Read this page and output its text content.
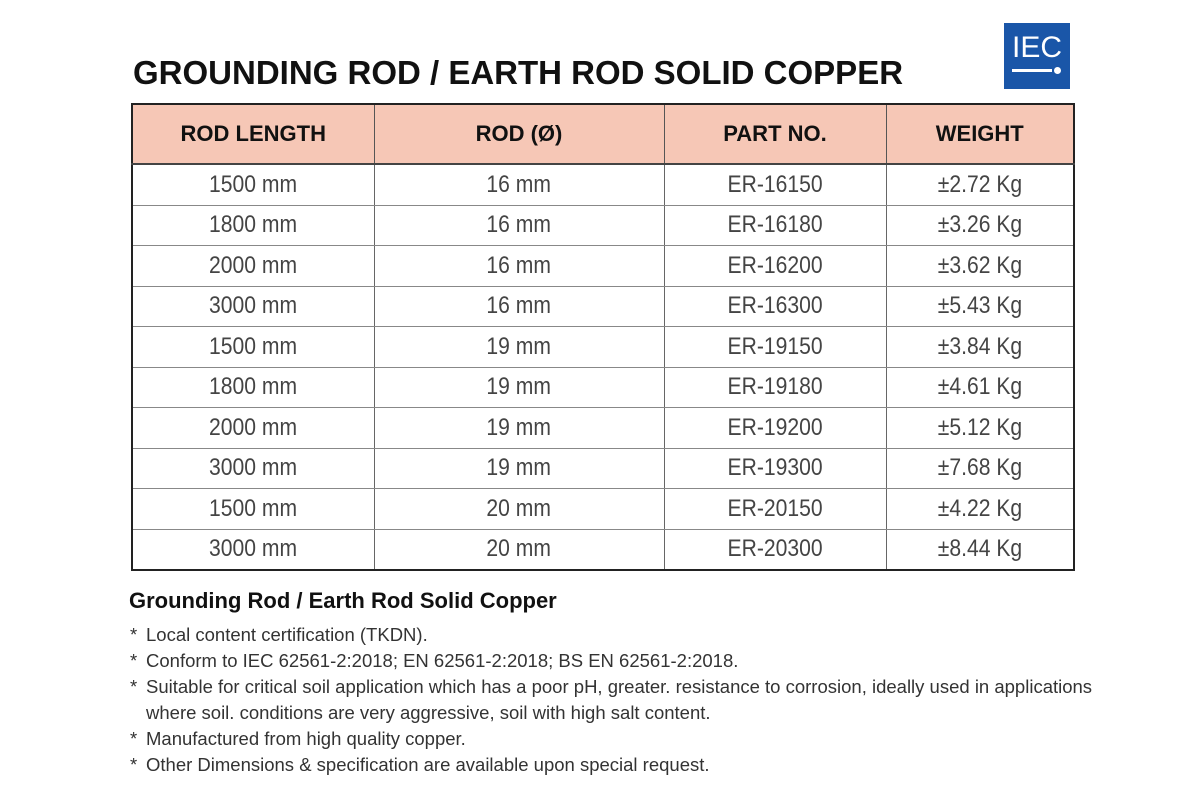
GROUNDING ROD / EARTH ROD SOLID COPPER
IEC
ROD LENGTH	ROD (Ø)	PART NO.	WEIGHT
1500 mm	16 mm	ER-16150	±2.72 Kg
1800 mm	16 mm	ER-16180	±3.26 Kg
2000 mm	16 mm	ER-16200	±3.62 Kg
3000 mm	16 mm	ER-16300	±5.43 Kg
1500 mm	19 mm	ER-19150	±3.84 Kg
1800 mm	19 mm	ER-19180	±4.61 Kg
2000 mm	19 mm	ER-19200	±5.12 Kg
3000 mm	19 mm	ER-19300	±7.68 Kg
1500 mm	20 mm	ER-20150	±4.22 Kg
3000 mm	20 mm	ER-20300	±8.44 Kg
Grounding Rod / Earth Rod Solid Copper
* Local content certification (TKDN).
* Conform to IEC 62561-2:2018; EN 62561-2:2018; BS EN 62561-2:2018.
* Suitable for critical soil application which has a poor pH, greater. resistance to corrosion, ideally used in applications where soil. conditions are very aggressive, soil with high salt content.
* Manufactured from high quality copper.
* Other Dimensions & specification are available upon special request.
